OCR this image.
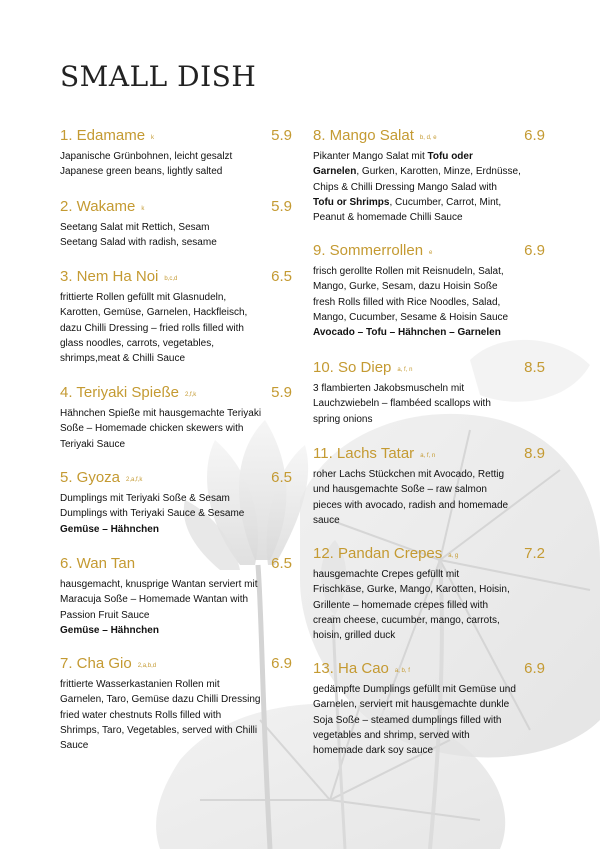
SMALL DISH
1. Edamame k	5.9
Japanische Grünbohnen, leicht gesalzt
Japanese green beans, lightly salted
2. Wakame k	5.9
Seetang Salat mit Rettich, Sesam
Seetang Salad with radish, sesame
3. Nem Ha Noi b,c,d	6.5
frittierte Rollen gefüllt mit Glasnudeln,
Karotten, Gemüse, Garnelen, Hackfleisch,
dazu Chilli Dressing – fried rolls filled with
glass noodles, carrots, vegetables,
shrimps,meat & Chilli Sauce
4. Teriyaki Spieße 2,f,k	5.9
Hähnchen Spieße mit hausgemachte Teriyaki
Soße – Homemade chicken skewers with
Teriyaki Sauce
5. Gyoza 2,a,f,k	6.5
Dumplings mit Teriyaki Soße & Sesam
Dumplings with Teriyaki Sauce & Sesame
Gemüse – Hähnchen
6. Wan Tan	6.5
hausgemacht, knusprige Wantan serviert mit
Maracuja Soße – Homemade Wantan with
Passion Fruit Sauce
Gemüse – Hähnchen
7. Cha Gio 2,a,b,d	6.9
frittierte Wasserkastanien Rollen mit
Garnelen, Taro, Gemüse dazu Chilli Dressing
fried water chestnuts Rolls filled with
Shrimps, Taro, Vegetables, served with Chilli
Sauce
8. Mango Salat b, d, e	6.9
Pikanter Mango Salat mit Tofu oder
Garnelen, Gurken, Karotten, Minze, Erdnüsse,
Chips & Chilli Dressing Mango Salad with
Tofu or Shrimps, Cucumber, Carrot, Mint,
Peanut & homemade Chilli Sauce
9. Sommerrollen e	6.9
frisch gerollte Rollen mit Reisnudeln, Salat,
Mango, Gurke, Sesam, dazu Hoisin Soße
fresh Rolls filled with Rice Noodles, Salad,
Mango, Cucumber, Sesame & Hoisin Sauce
Avocado – Tofu – Hähnchen – Garnelen
10. So Diep a, f, n	8.5
3 flambierten Jakobsmuscheln mit
Lauchzwiebeln – flambéed scallops with
spring onions
11. Lachs Tatar a, f, n	8.9
roher Lachs Stückchen mit Avocado, Rettig
und hausgemachte Soße – raw salmon
pieces with avocado, radish and homemade
sauce
12. Pandan Crepes a, g	7.2
hausgemachte Crepes gefüllt mit
Frischkäse, Gurke, Mango, Karotten, Hoisin,
Grillente – homemade crepes filled with
cream cheese, cucumber, mango, carrots,
hoisin, grilled duck
13. Ha Cao a, b, f	6.9
gedämpfte Dumplings gefüllt mit Gemüse und
Garnelen, serviert mit hausgemachte dunkle
Soja Soße – steamed dumplings filled with
vegetables and shrimp, served with
homemade dark soy sauce
